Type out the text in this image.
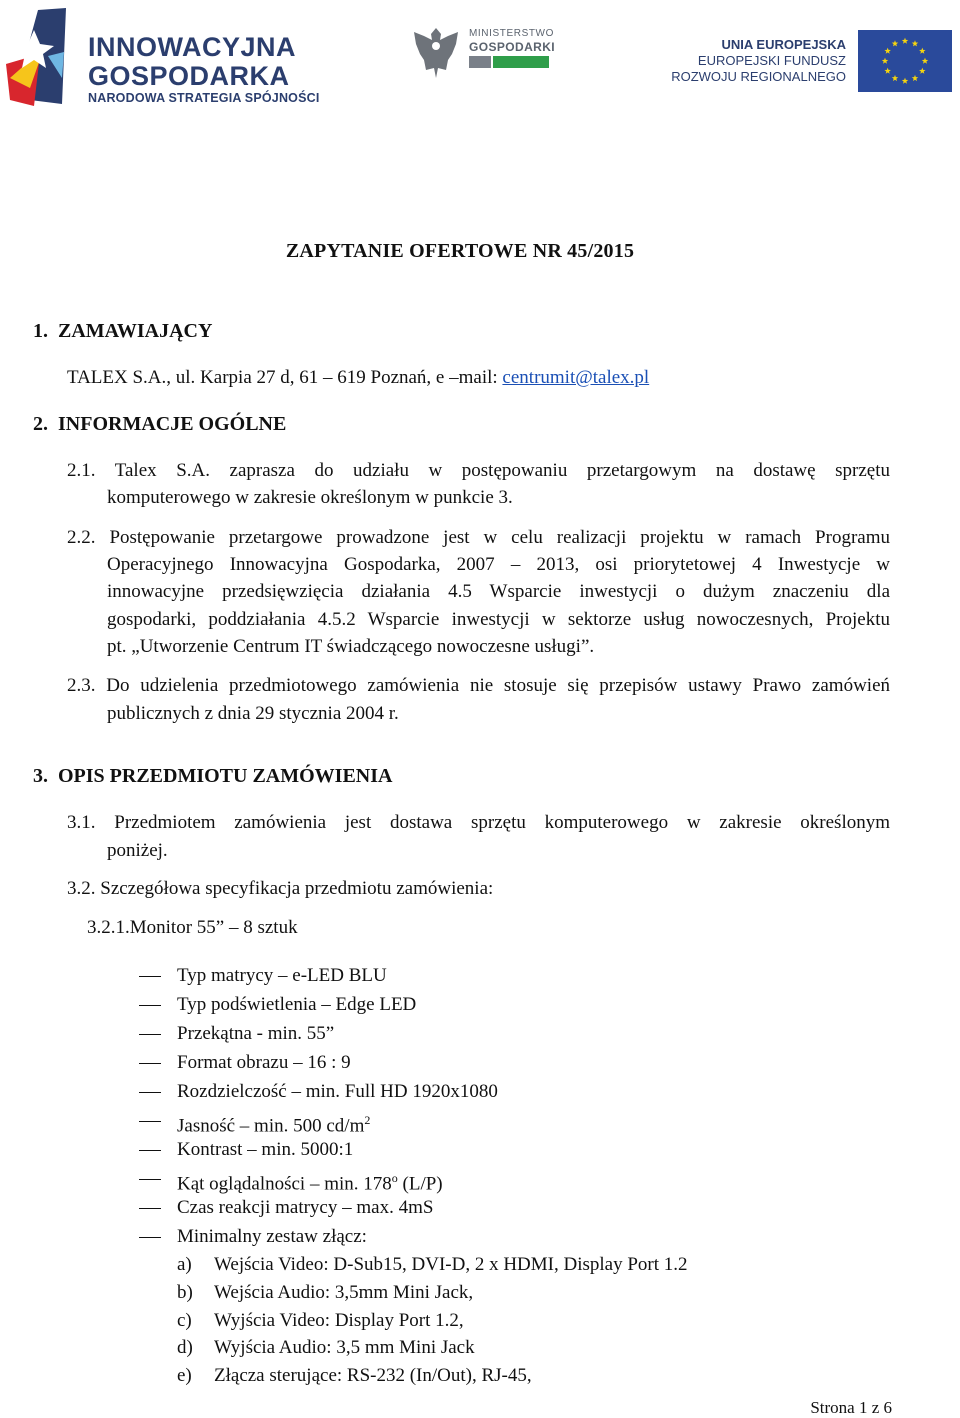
INNOWACYJNA
GOSPODARKA
NARODOWA STRATEGIA SPÓJNOŚCI
MINISTERSTWO
GOSPODARKI	UNIA EUROPEJSKA
EUROPEJSKI FUNDUSZ
ROZWOJU REGIONALNEGO
ZAPYTANIE OFERTOWE NR 45/2015
1.  ZAMAWIAJĄCY
TALEX S.A., ul. Karpia 27 d, 61 – 619 Poznań, e –mail: centrumit@talex.pl
2.  INFORMACJE OGÓLNE
2.1. Talex S.A. zaprasza do udziału w postępowaniu przetargowym na dostawę sprzętu
komputerowego w zakresie określonym w punkcie 3.
2.2. Postępowanie przetargowe prowadzone jest w celu realizacji projektu w ramach Programu
Operacyjnego Innowacyjna Gospodarka, 2007 – 2013, osi priorytetowej 4 Inwestycje w
innowacyjne przedsięwzięcia działania 4.5 Wsparcie inwestycji o dużym znaczeniu dla
gospodarki, poddziałania 4.5.2 Wsparcie inwestycji w sektorze usług nowoczesnych, Projektu
pt. „Utworzenie Centrum IT świadczącego nowoczesne usługi”.
2.3. Do udzielenia przedmiotowego zamówienia nie stosuje się przepisów ustawy Prawo zamówień
publicznych z dnia 29 stycznia 2004 r.
3.  OPIS PRZEDMIOTU ZAMÓWIENIA
3.1. Przedmiotem zamówienia jest dostawa sprzętu komputerowego w zakresie określonym
poniżej.
3.2. Szczegółowa specyfikacja przedmiotu zamówienia:
3.2.1.Monitor 55” – 8 sztuk
Typ matrycy – e-LED BLU
Typ podświetlenia – Edge LED
Przekątna - min. 55”
Format obrazu – 16 : 9
Rozdzielczość – min. Full HD 1920x1080
Jasność – min. 500 $cd/m^2$
Kontrast – min. 5000:1
Kąt oglądalności – min. 178$^o$ (L/P)
Czas reakcji matrycy – max. 4mS
Minimalny zestaw złącz:
a) Wejścia Video: D-Sub15, DVI-D, 2 x HDMI, Display Port 1.2
b) Wejścia Audio: 3,5mm Mini Jack,
c) Wyjścia Video: Display Port 1.2,
d) Wyjścia Audio: 3,5 mm Mini Jack
e) Złącza sterujące: RS-232 (In/Out), RJ-45,
Strona 1 z 6
